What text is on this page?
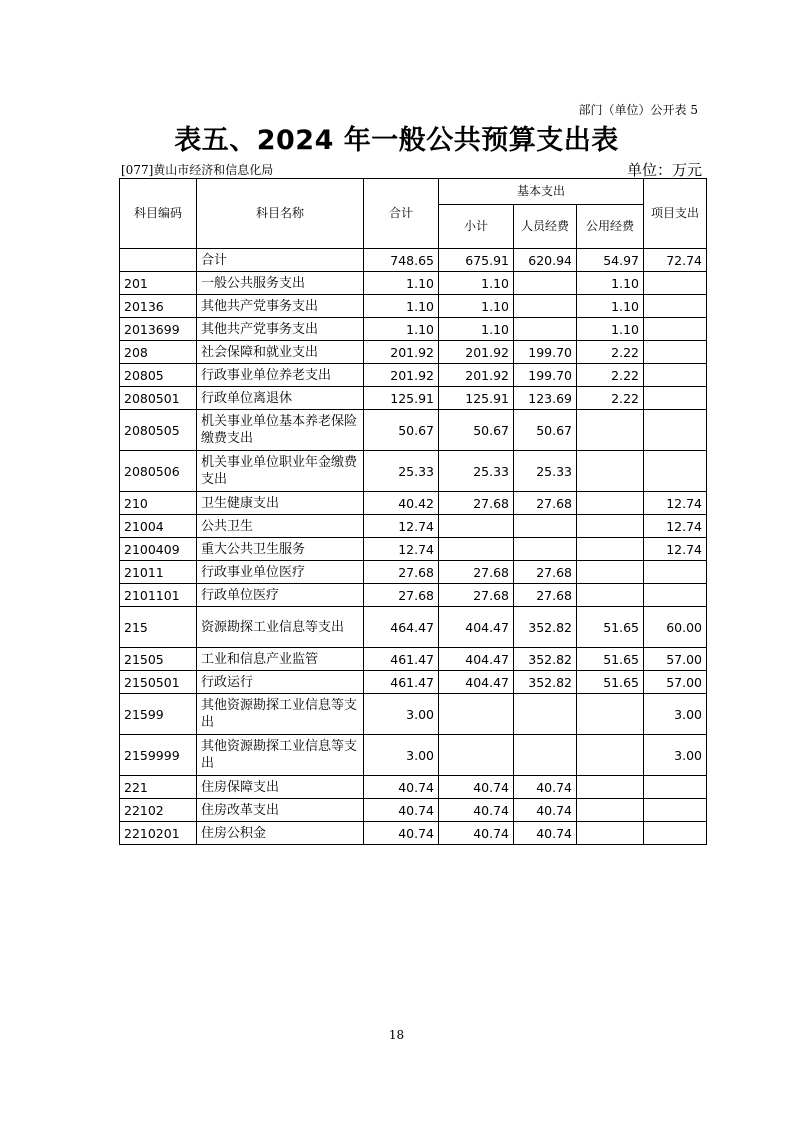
部门（单位）公开表 5
表五、2024 年一般公共预算支出表
[077]黄山市经济和信息化局	单位：万元
科目编码	科目名称	合计	基本支出			项目支出
			小计	人员经费	公用经费	
	合计	748.65	675.91	620.94	54.97	72.74
201	一般公共服务支出	1.10	1.10		1.10	
20136	其他共产党事务支出	1.10	1.10		1.10	
2013699	其他共产党事务支出	1.10	1.10		1.10	
208	社会保障和就业支出	201.92	201.92	199.70	2.22	
20805	行政事业单位养老支出	201.92	201.92	199.70	2.22	
2080501	行政单位离退休	125.91	125.91	123.69	2.22	
2080505	机关事业单位基本养老保险缴费支出	50.67	50.67	50.67		
2080506	机关事业单位职业年金缴费支出	25.33	25.33	25.33		
210	卫生健康支出	40.42	27.68	27.68		12.74
21004	公共卫生	12.74				12.74
2100409	重大公共卫生服务	12.74				12.74
21011	行政事业单位医疗	27.68	27.68	27.68		
2101101	行政单位医疗	27.68	27.68	27.68		
215	资源勘探工业信息等支出	464.47	404.47	352.82	51.65	60.00
21505	工业和信息产业监管	461.47	404.47	352.82	51.65	57.00
2150501	行政运行	461.47	404.47	352.82	51.65	57.00
21599	其他资源勘探工业信息等支出	3.00				3.00
2159999	其他资源勘探工业信息等支出	3.00				3.00
221	住房保障支出	40.74	40.74	40.74		
22102	住房改革支出	40.74	40.74	40.74		
2210201	住房公积金	40.74	40.74	40.74		
18
